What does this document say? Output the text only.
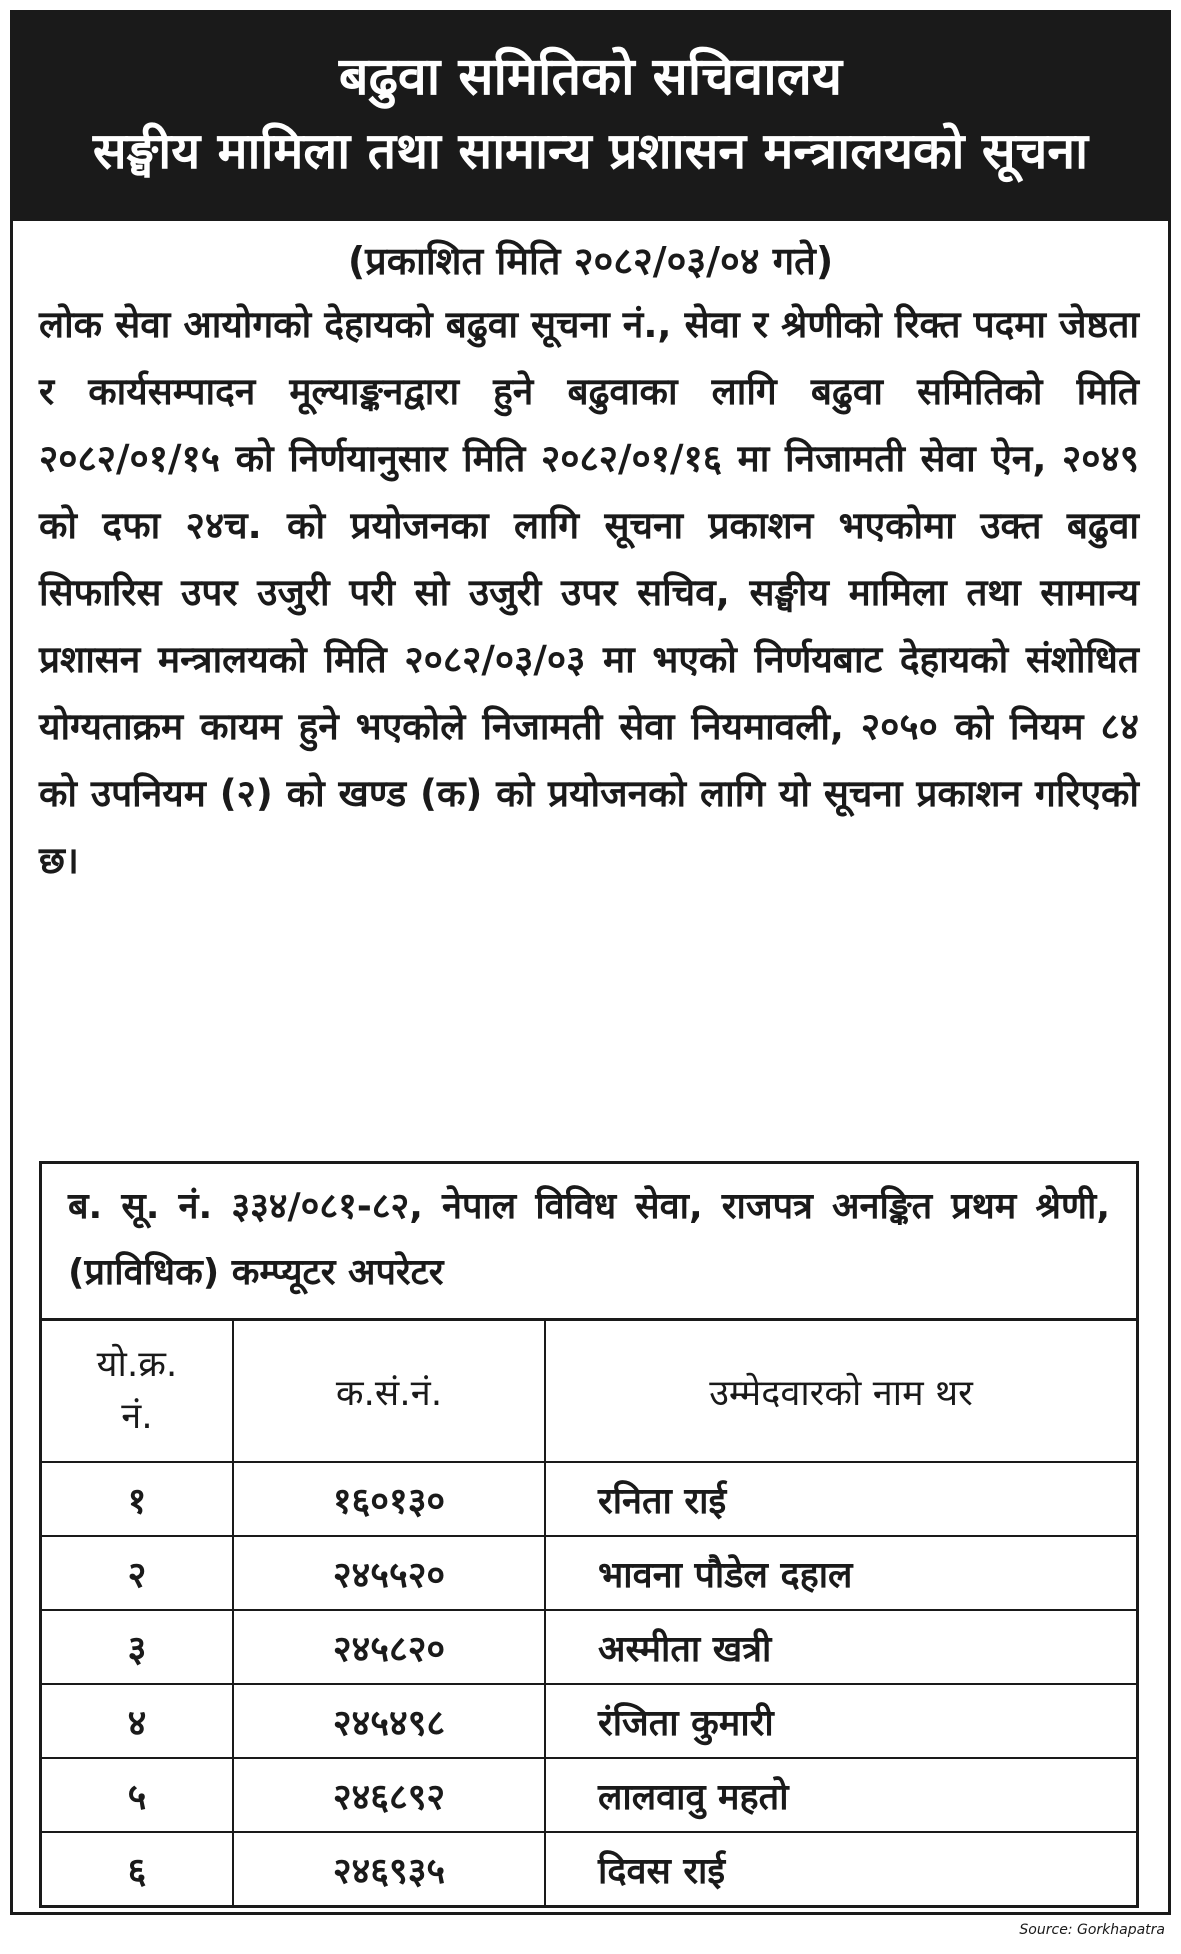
बढुवा समितिको सचिवालय
सङ्घीय मामिला तथा सामान्य प्रशासन मन्त्रालयको सूचना
(प्रकाशित मिति २०८२/०३/०४ गते)
लोक सेवा आयोगको देहायको बढुवा सूचना नं., सेवा र श्रेणीको रिक्त पदमा जेष्ठता र कार्यसम्पादन मूल्याङ्कनद्वारा हुने बढुवाका लागि बढुवा समितिको मिति २०८२/०१/१५ को निर्णयानुसार मिति २०८२/०१/१६ मा निजामती सेवा ऐन, २०४९ को दफा २४च. को प्रयोजनका लागि सूचना प्रकाशन भएकोमा उक्त बढुवा सिफारिस उपर उजुरी परी सो उजुरी उपर सचिव, सङ्घीय मामिला तथा सामान्य प्रशासन मन्त्रालयको मिति २०८२/०३/०३ मा भएको निर्णयबाट देहायको संशोधित योग्यताक्रम कायम हुने भएकोले निजामती सेवा नियमावली, २०५० को नियम ८४ को उपनियम (२) को खण्ड (क) को प्रयोजनको लागि यो सूचना प्रकाशन गरिएको छ।
ब. सू. नं. ३३४/०८१-८२, नेपाल विविध सेवा, राजपत्र अनङ्कित प्रथम श्रेणी, (प्राविधिक) कम्प्यूटर अपरेटर
यो.क्र.
नं.	क.सं.नं.	उम्मेदवारको नाम थर
१	१६०१३०	रनिता राई
२	२४५५२०	भावना पौडेल दहाल
३	२४५८२०	अस्मीता खत्री
४	२४५४९८	रंजिता कुमारी
५	२४६८९२	लालवावु महतो
६	२४६९३५	दिवस राई
Source: Gorkhapatra
